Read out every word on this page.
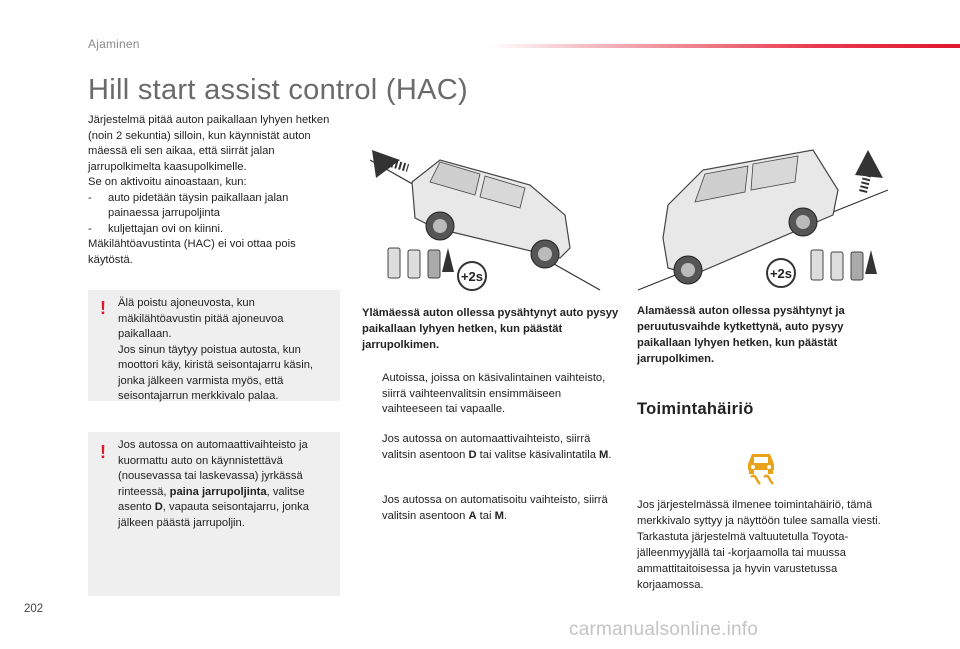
Ajaminen
Hill start assist control (HAC)

Järjestelmä pitää auton paikallaan lyhyen hetken (noin 2 sekuntia) silloin, kun käynnistät auton mäessä eli sen aikaa, että siirrät jalan jarrupolkimelta kaasupolkimelle.

Se on aktivoitu ainoastaan, kun:

-	auto pidetään täysin paikallaan jalan painaessa jarrupoljinta
-	kuljettajan ovi on kiinni.

Mäkilähtöavustinta (HAC) ei voi ottaa pois käytöstä.

! Älä poistu ajoneuvosta, kun mäkilähtöavustin pitää ajoneuvoa paikallaan.
Jos sinun täytyy poistua autosta, kun moottori käy, kiristä seisontajarru käsin, jonka jälkeen varmista myös, että seisontajarrun merkkivalo palaa.
! Jos autossa on automaattivaihteisto ja kuormattu auto on käynnistettävä (nousevassa tai laskevassa) jyrkässä rinteessä, paina jarrupoljinta, valitse asento D, vapauta seisontajarru, jonka jälkeen päästä jarrupoljin.
+2s	+2s
Ylämäessä auton ollessa pysähtynyt auto pysyy paikallaan lyhyen hetken, kun päästät jarrupolkimen.
Alamäessä auton ollessa pysähtynyt ja peruutusvaihde kytkettynä, auto pysyy paikallaan lyhyen hetken, kun päästät jarrupolkimen.
Autoissa, joissa on käsivalintainen vaihteisto, siirrä vaihteenvalitsin ensimmäiseen vaihteeseen tai vapaalle.
Jos autossa on automaattivaihteisto, siirrä valitsin asentoon D tai valitse käsivalintatila M.
Jos autossa on automatisoitu vaihteisto, siirrä valitsin asentoon A tai M.
Toimintahäiriö
Jos järjestelmässä ilmenee toimintahäiriö, tämä merkkivalo syttyy ja näyttöön tulee samalla viesti. Tarkastuta järjestelmä valtuutetulla Toyota-jälleenmyyjällä tai -korjaamolla tai muussa ammattitaitoisessa ja hyvin varustetussa korjaamossa.
202
carmanualsonline.info
